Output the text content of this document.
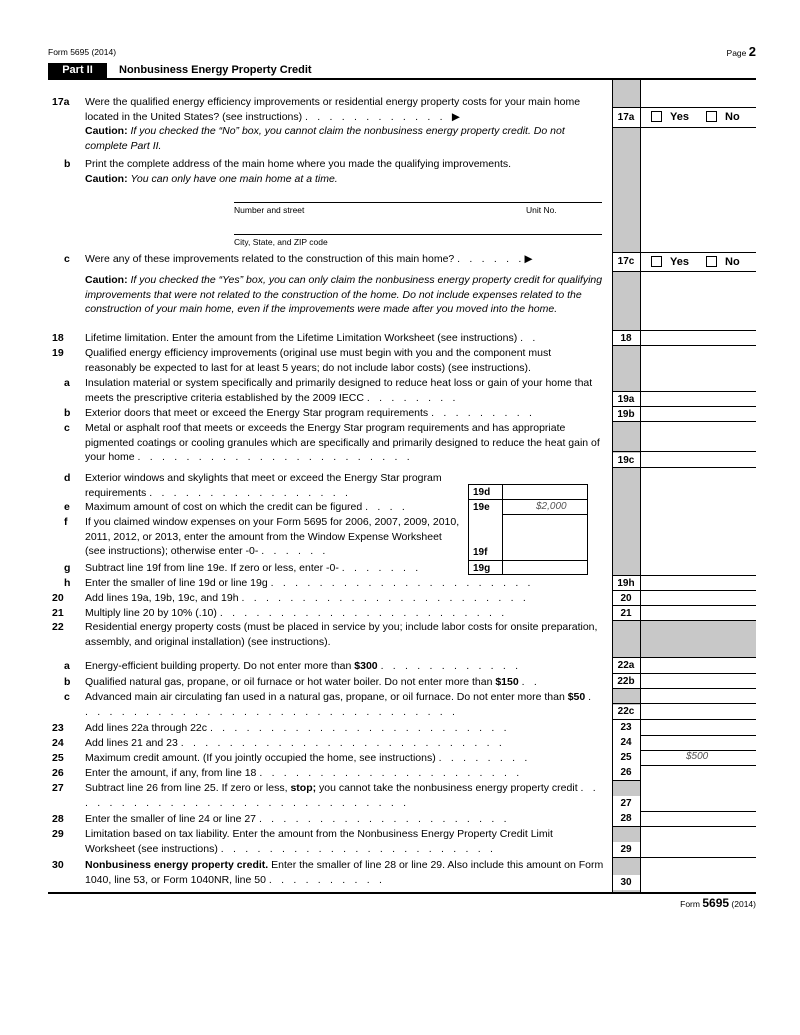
Form 5695 (2014)	Page 2
Part II	Nonbusiness Energy Property Credit
17a	Were the qualified energy efficiency improvements or residential energy property costs for your main home located in the United States? (see instructions) . . . . . . . . . . . . ▶
Caution: If you checked the “No” box, you cannot claim the nonbusiness energy property credit. Do not complete Part II.
17a	Yes	No
b	Print the complete address of the main home where you made the qualifying improvements.
Caution: You can only have one main home at a time.
Number and street	Unit No.
City, State, and ZIP code
c	Were any of these improvements related to the construction of this main home? . . . . . .▶	17c	Yes	No
Caution: If you checked the “Yes” box, you can only claim the nonbusiness energy property credit for qualifying improvements that were not related to the construction of the home. Do not include expenses related to the construction of your main home, even if the improvements were made after you moved into the home.
18	Lifetime limitation. Enter the amount from the Lifetime Limitation Worksheet (see instructions) . .	18
19	Qualified energy efficiency improvements (original use must begin with you and the component must reasonably be expected to last for at least 5 years; do not include labor costs) (see instructions).
a	Insulation material or system specifically and primarily designed to reduce heat loss or gain of your home that meets the prescriptive criteria established by the 2009 IECC . . . . . . . .	19a
b	Exterior doors that meet or exceed the Energy Star program requirements . . . . . . . . .	19b
c	Metal or asphalt roof that meets or exceeds the Energy Star program requirements and has appropriate pigmented coatings or cooling granules which are specifically and primarily designed to reduce the heat gain of your home . . . . . . . . . . . . . . . . . . . . . . .	19c
d	Exterior windows and skylights that meet or exceed the Energy Star program requirements . . . . . . . . . . . . . . . . .	19d
e	Maximum amount of cost on which the credit can be figured . . . .	19e	$2,000
f	If you claimed window expenses on your Form 5695 for 2006, 2007, 2009, 2010, 2011, 2012, or 2013, enter the amount from the Window Expense Worksheet (see instructions); otherwise enter -0- . . . . . .	19f
g	Subtract line 19f from line 19e. If zero or less, enter -0- . . . . . . .	19g
h	Enter the smaller of line 19d or line 19g . . . . . . . . . . . . . . . . . . . . . .	19h
20	Add lines 19a, 19b, 19c, and 19h . . . . . . . . . . . . . . . . . . . . . . . .	20
21	Multiply line 20 by 10% (.10) . . . . . . . . . . . . . . . . . . . . . . . .	21
22	Residential energy property costs (must be placed in service by you; include labor costs for onsite preparation, assembly, and original installation) (see instructions).
a	Energy-efficient building property. Do not enter more than $300 . . . . . . . . . . . .	22a
b	Qualified natural gas, propane, or oil furnace or hot water boiler. Do not enter more than $150 . .	22b
c	Advanced main air circulating fan used in a natural gas, propane, or oil furnace. Do not enter more than $50 . . . . . . . . . . . . . . . . . . . . . . . . . . . . . . . .	22c
23	Add lines 22a through 22c . . . . . . . . . . . . . . . . . . . . . . . . .	23
24	Add lines 21 and 23 . . . . . . . . . . . . . . . . . . . . . . . . . . .	24
25	Maximum credit amount. (If you jointly occupied the home, see instructions) . . . . . . . .	25	$500
26	Enter the amount, if any, from line 18 . . . . . . . . . . . . . . . . . . . . . .	26
27	Subtract line 26 from line 25. If zero or less, stop; you cannot take the nonbusiness energy property credit . . . . . . . . . . . . . . . . . . . . . . . . . . . . .	27
28	Enter the smaller of line 24 or line 27 . . . . . . . . . . . . . . . . . . . . .	28
29	Limitation based on tax liability. Enter the amount from the Nonbusiness Energy Property Credit Limit Worksheet (see instructions) . . . . . . . . . . . . . . . . . . . . . . .	29
30	Nonbusiness energy property credit. Enter the smaller of line 28 or line 29. Also include this amount on Form 1040, line 53, or Form 1040NR, line 50 . . . . . . . . . .	30
Form 5695 (2014)
